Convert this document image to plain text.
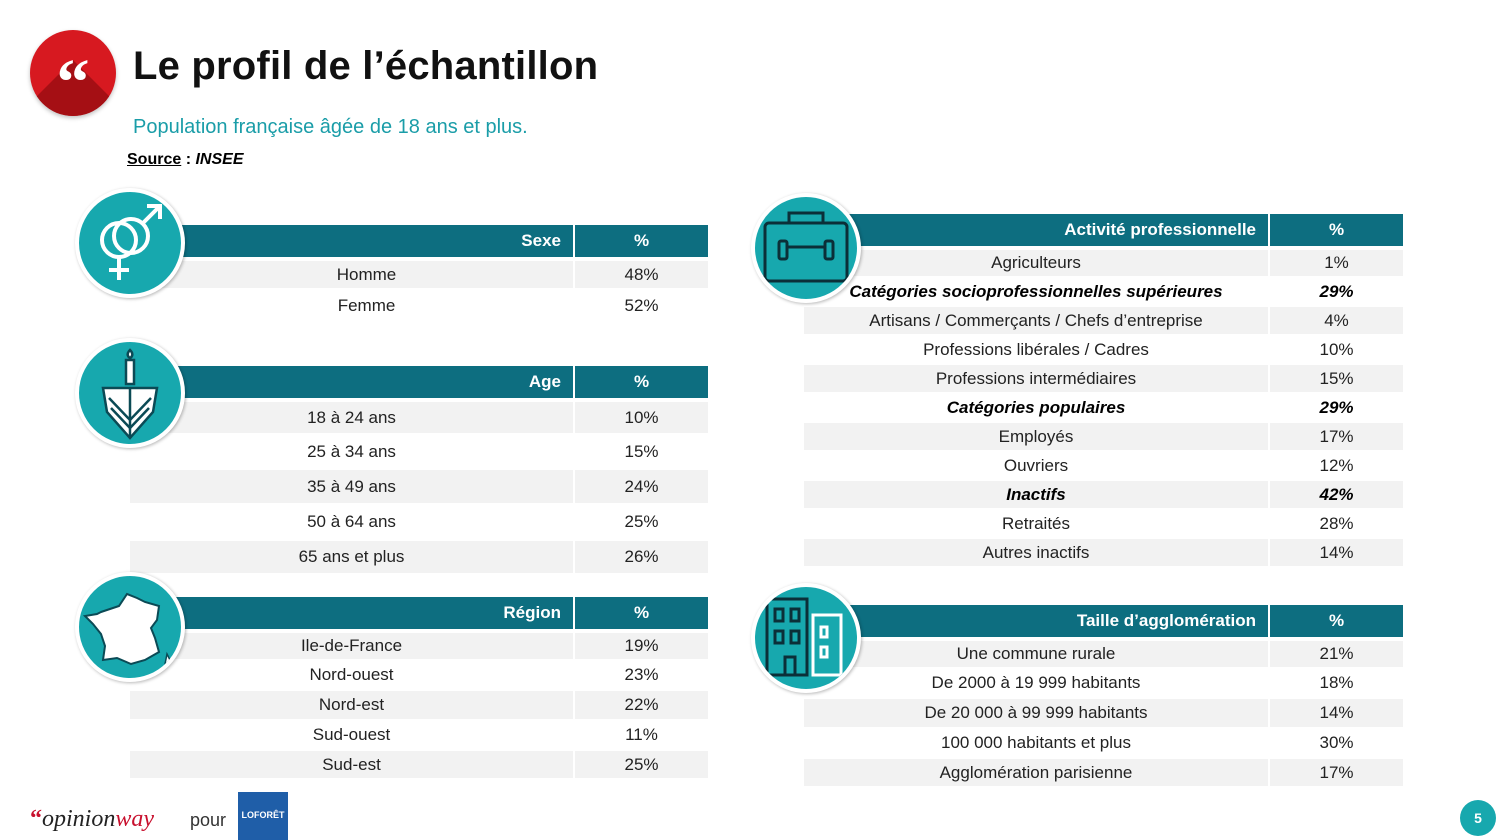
“	Le profil de l’échantillon
Population française âgée de 18 ans et plus.
Source : INSEE
Sexe	%
Homme	48%
Femme	52%
Age	%
18 à 24 ans	10%
25 à 34 ans	15%
35 à 49 ans	24%
50 à 64 ans	25%
65 ans et plus	26%
Région	%
Ile-de-France	19%
Nord-ouest	23%
Nord-est	22%
Sud-ouest	11%
Sud-est	25%
Activité professionnelle	%
Agriculteurs	1%
Catégories socioprofessionnelles supérieures	29%
Artisans / Commerçants / Chefs d’entreprise	4%
Professions libérales / Cadres	10%
Professions intermédiaires	15%
Catégories populaires	29%
Employés	17%
Ouvriers	12%
Inactifs	42%
Retraités	28%
Autres inactifs	14%
Taille d’agglomération	%
Une commune rurale	21%
De 2000 à 19 999 habitants	18%
De 20 000 à 99 999 habitants	14%
100 000 habitants et plus	30%
Agglomération parisienne	17%
“opinionway pour	LOFORÊT	5
